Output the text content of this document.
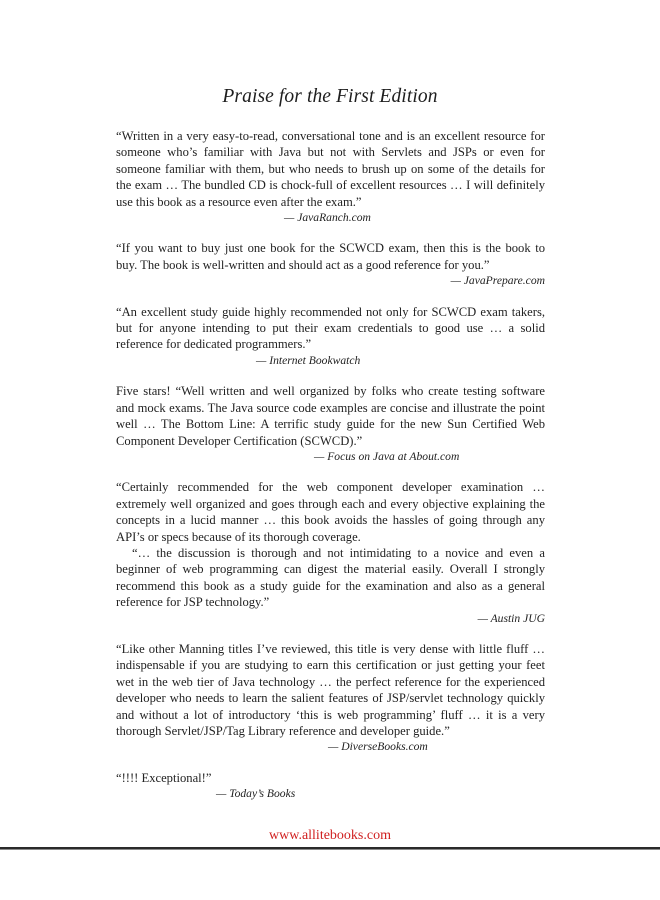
Praise for the First Edition

“Written in a very easy-to-read, conversational tone and is an excellent resource for someone who’s familiar with Java but not with Servlets and JSPs or even for someone familiar with them, but who needs to brush up on some of the details for the exam … The bundled CD is chock-full of excellent resources … I will definitely use this book as a resource even after the exam.”

— JavaRanch.com

“If you want to buy just one book for the SCWCD exam, then this is the book to buy. The book is well-written and should act as a good reference for you.”

— JavaPrepare.com

“An excellent study guide highly recommended not only for SCWCD exam takers, but for anyone intending to put their exam credentials to good use … a solid reference for dedicated programmers.”

— Internet Bookwatch

Five stars! “Well written and well organized by folks who create testing software and mock exams. The Java source code examples are concise and illustrate the point well … The Bottom Line: A terrific study guide for the new Sun Certified Web Component Developer Certification (SCWCD).”

— Focus on Java at About.com

“Certainly recommended for the web component developer examination … extremely well organized and goes through each and every objective explaining the concepts in a lucid manner … this book avoids the hassles of going through any API’s or specs because of its thorough coverage.

“… the discussion is thorough and not intimidating to a novice and even a beginner of web programming can digest the material easily. Overall I strongly recommend this book as a study guide for the examination and also as a general reference for JSP technology.”

— Austin JUG

“Like other Manning titles I’ve reviewed, this title is very dense with little fluff … indispensable if you are studying to earn this certification or just getting your feet wet in the web tier of Java technology … the perfect reference for the experienced developer who needs to learn the salient features of JSP/servlet technology quickly and without a lot of introductory ‘this is web programming’ fluff … it is a very thorough Servlet/JSP/Tag Library reference and developer guide.”

— DiverseBooks.com

“!!!! Exceptional!”

— Today’s Books

www.allitebooks.com
